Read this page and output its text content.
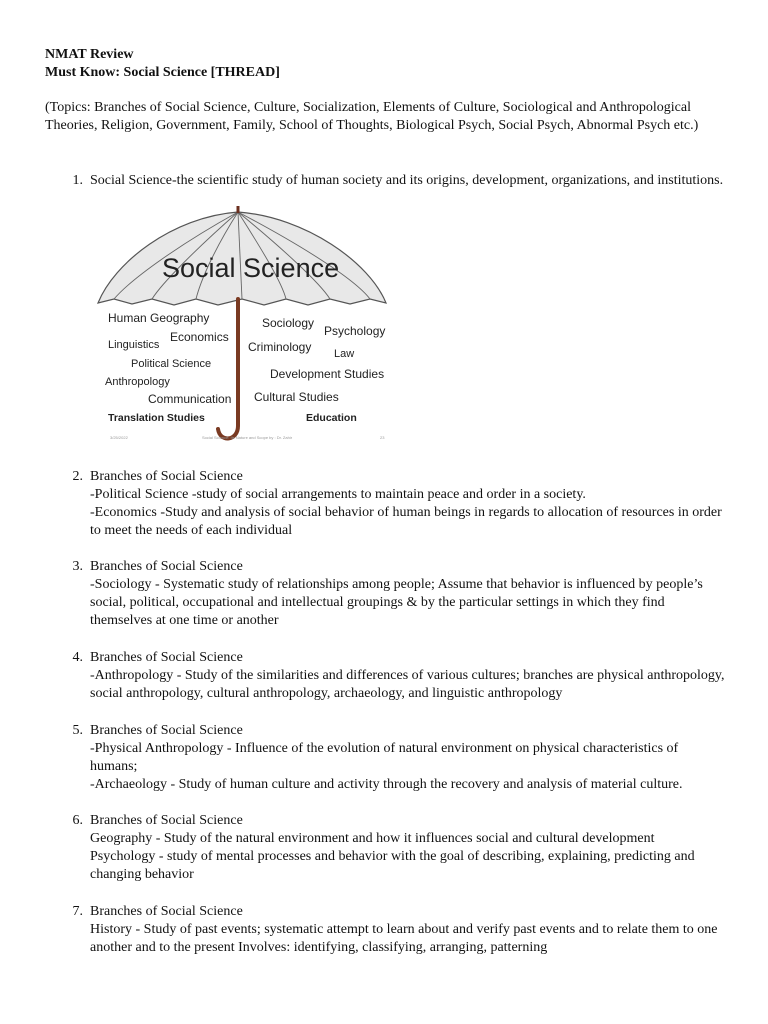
NMAT Review
Must Know: Social Science [THREAD]
(Topics: Branches of Social Science, Culture, Socialization, Elements of Culture, Sociological and Anthropological Theories, Religion, Government, Family, School of Thoughts, Biological Psych, Social Psych, Abnormal Psych etc.)
1. Social Science-the scientific study of human society and its origins, development, organizations, and institutions.

Social Science
Human Geography
Economics
Sociology
Psychology
Linguistics	Criminology Law
Political Science
Anthropology
Development Studies
Communication Cultural Studies
Translation Studies	Education
3/25/2022	Social Science: Its Nature and Scope by : Dr. Zahir	23
2. Branches of Social Science

-Political Science -study of social arrangements to maintain peace and order in a society.

-Economics -Study and analysis of social behavior of human beings in regards to allocation of resources in order to meet the needs of each individual

3. Branches of Social Science

-Sociology - Systematic study of relationships among people; Assume that behavior is influenced by people’s social, political, occupational and intellectual groupings & by the particular settings in which they find themselves at one time or another

4. Branches of Social Science

-Anthropology - Study of the similarities and differences of various cultures; branches are physical anthropology, social anthropology, cultural anthropology, archaeology, and linguistic anthropology

5. Branches of Social Science

-Physical Anthropology - Influence of the evolution of natural environment on physical characteristics of humans;

-Archaeology - Study of human culture and activity through the recovery and analysis of material culture.

6. Branches of Social Science

Geography - Study of the natural environment and how it influences social and cultural development

Psychology - study of mental processes and behavior with the goal of describing, explaining, predicting and changing behavior

7. Branches of Social Science

History - Study of past events; systematic attempt to learn about and verify past events and to relate them to one another and to the present Involves: identifying, classifying, arranging, patterning
